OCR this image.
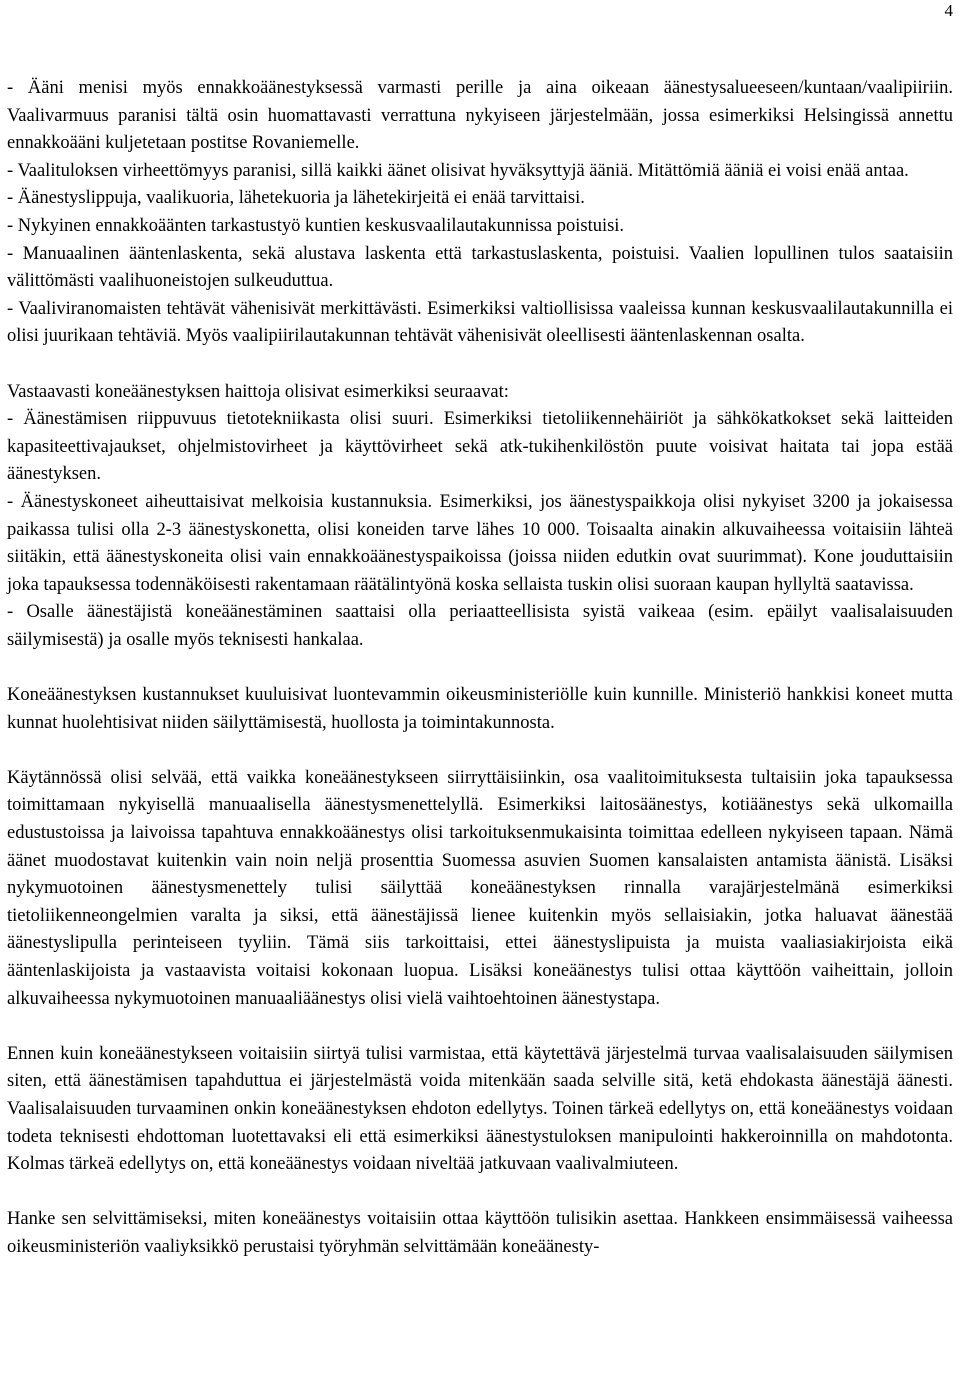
4

- Ääni menisi myös ennakkoäänestyksessä varmasti perille ja aina oikeaan äänestysalueeseen/kuntaan/vaalipiiriin. Vaalivarmuus paranisi tältä osin huomattavasti verrattuna nykyiseen järjestelmään, jossa esimerkiksi Helsingissä annettu ennakkoääni kuljetetaan postitse Rovaniemelle.

- Vaalituloksen virheettömyys paranisi, sillä kaikki äänet olisivat hyväksyttyjä ääniä. Mitättömiä ääniä ei voisi enää antaa.

- Äänestyslippuja, vaalikuoria, lähetekuoria ja lähetekirjeitä ei enää tarvittaisi.

- Nykyinen ennakkoäänten tarkastustyö kuntien keskusvaalilautakunnissa poistuisi.

- Manuaalinen ääntenlaskenta, sekä alustava laskenta että tarkastuslaskenta, poistuisi. Vaalien lopullinen tulos saataisiin välittömästi vaalihuoneistojen sulkeuduttua.

- Vaaliviranomaisten tehtävät vähenisivät merkittävästi. Esimerkiksi valtiollisissa vaaleissa kunnan keskusvaalilautakunnilla ei olisi juurikaan tehtäviä. Myös vaalipiirilautakunnan tehtävät vähenisivät oleellisesti ääntenlaskennan osalta.

Vastaavasti koneäänestyksen haittoja olisivat esimerkiksi seuraavat:

- Äänestämisen riippuvuus tietotekniikasta olisi suuri. Esimerkiksi tietoliikennehäiriöt ja sähkökatkokset sekä laitteiden kapasiteettivajaukset, ohjelmistovirheet ja käyttövirheet sekä atk-tukihenkilöstön puute voisivat haitata tai jopa estää äänestyksen.

- Äänestyskoneet aiheuttaisivat melkoisia kustannuksia. Esimerkiksi, jos äänestyspaikkoja olisi nykyiset 3200 ja jokaisessa paikassa tulisi olla 2-3 äänestyskonetta, olisi koneiden tarve lähes 10 000. Toisaalta ainakin alkuvaiheessa voitaisiin lähteä siitäkin, että äänestyskoneita olisi vain ennakkoäänestyspaikoissa (joissa niiden edutkin ovat suurimmat). Kone jouduttaisiin joka tapauksessa todennäköisesti rakentamaan räätälintyönä koska sellaista tuskin olisi suoraan kaupan hyllyltä saatavissa.

- Osalle äänestäjistä koneäänestäminen saattaisi olla periaatteellisista syistä vaikeaa (esim. epäilyt vaalisalaisuuden säilymisestä) ja osalle myös teknisesti hankalaa.

Koneäänestyksen kustannukset kuuluisivat luontevammin oikeusministeriölle kuin kunnille. Ministeriö hankkisi koneet mutta kunnat huolehtisivat niiden säilyttämisestä, huollosta ja toimintakunnosta.

Käytännössä olisi selvää, että vaikka koneäänestykseen siirryttäisiinkin, osa vaalitoimituksesta tultaisiin joka tapauksessa toimittamaan nykyisellä manuaalisella äänestysmenettelyllä. Esimerkiksi laitosäänestys, kotiäänestys sekä ulkomailla edustustoissa ja laivoissa tapahtuva ennakkoäänestys olisi tarkoituksenmukaisinta toimittaa edelleen nykyiseen tapaan. Nämä äänet muodostavat kuitenkin vain noin neljä prosenttia Suomessa asuvien Suomen kansalaisten antamista äänistä. Lisäksi nykymuotoinen äänestysmenettely tulisi säilyttää koneäänestyksen rinnalla varajärjestelmänä esimerkiksi tietoliikenneongelmien varalta ja siksi, että äänestäjissä lienee kuitenkin myös sellaisiakin, jotka haluavat äänestää äänestyslipulla perinteiseen tyyliin. Tämä siis tarkoittaisi, ettei äänestyslipuista ja muista vaaliasiakirjoista eikä ääntenlaskijoista ja vastaavista voitaisi kokonaan luopua. Lisäksi koneäänestys tulisi ottaa käyttöön vaiheittain, jolloin alkuvaiheessa nykymuotoinen manuaaliäänestys olisi vielä vaihtoehtoinen äänestystapa.

Ennen kuin koneäänestykseen voitaisiin siirtyä tulisi varmistaa, että käytettävä järjestelmä turvaa vaalisalaisuuden säilymisen siten, että äänestämisen tapahduttua ei järjestelmästä voida mitenkään saada selville sitä, ketä ehdokasta äänestäjä äänesti. Vaalisalaisuuden turvaaminen onkin koneäänestyksen ehdoton edellytys. Toinen tärkeä edellytys on, että koneäänestys voidaan todeta teknisesti ehdottoman luotettavaksi eli että esimerkiksi äänestystuloksen manipulointi hakkeroinnilla on mahdotonta. Kolmas tärkeä edellytys on, että koneäänestys voidaan niveltää jatkuvaan vaalivalmiuteen.

Hanke sen selvittämiseksi, miten koneäänestys voitaisiin ottaa käyttöön tulisikin asettaa. Hankkeen ensimmäisessä vaiheessa oikeusministeriön vaaliyksikkö perustaisi työryhmän selvittämään koneäänesty-
